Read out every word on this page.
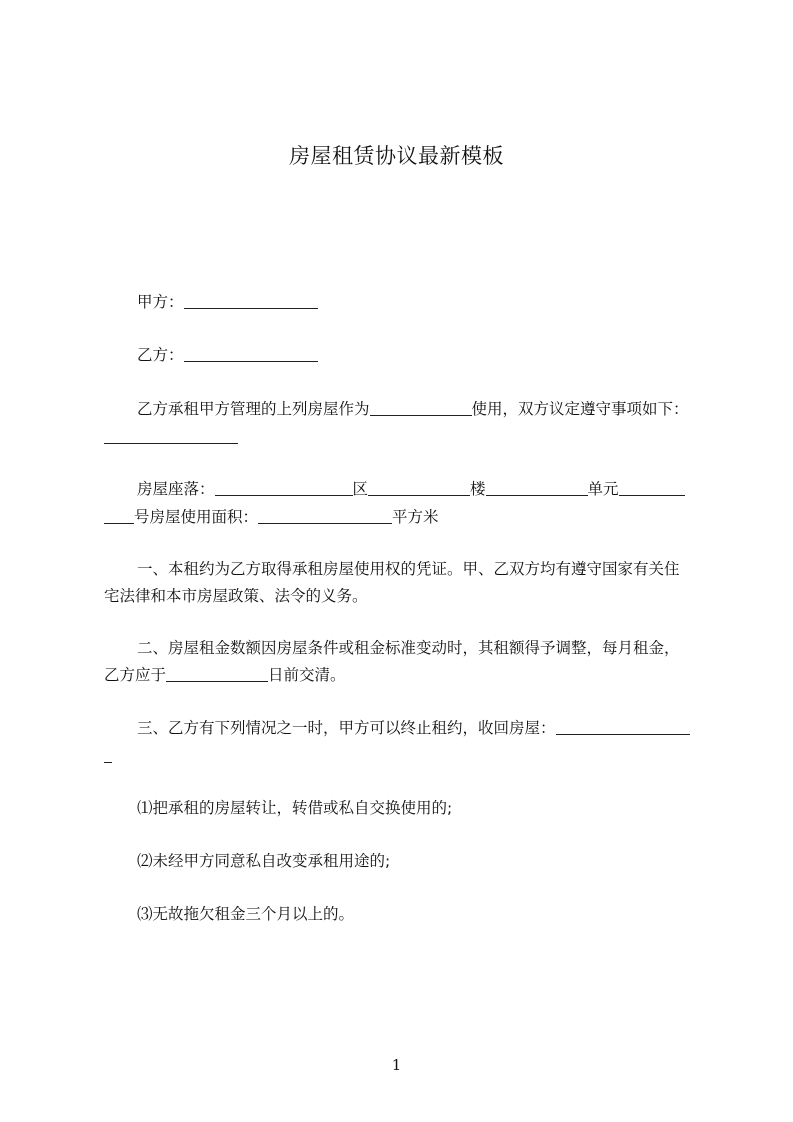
房屋租赁协议最新模板
甲方：
乙方：
乙方承租甲方管理的上列房屋作为	使用，双方议定遵守事项如下：
房屋座落：	区	楼	单元
号房屋使用面积：	平方米
一、本租约为乙方取得承租房屋使用权的凭证。甲、乙双方均有遵守国家有关住
宅法律和本市房屋政策、法令的义务。
二、房屋租金数额因房屋条件或租金标准变动时，其租额得予调整，每月租金，
乙方应于	日前交清。
三、乙方有下列情况之一时，甲方可以终止租约，收回房屋：
⑴把承租的房屋转让，转借或私自交换使用的;
⑵未经甲方同意私自改变承租用途的;
⑶无故拖欠租金三个月以上的。
1
